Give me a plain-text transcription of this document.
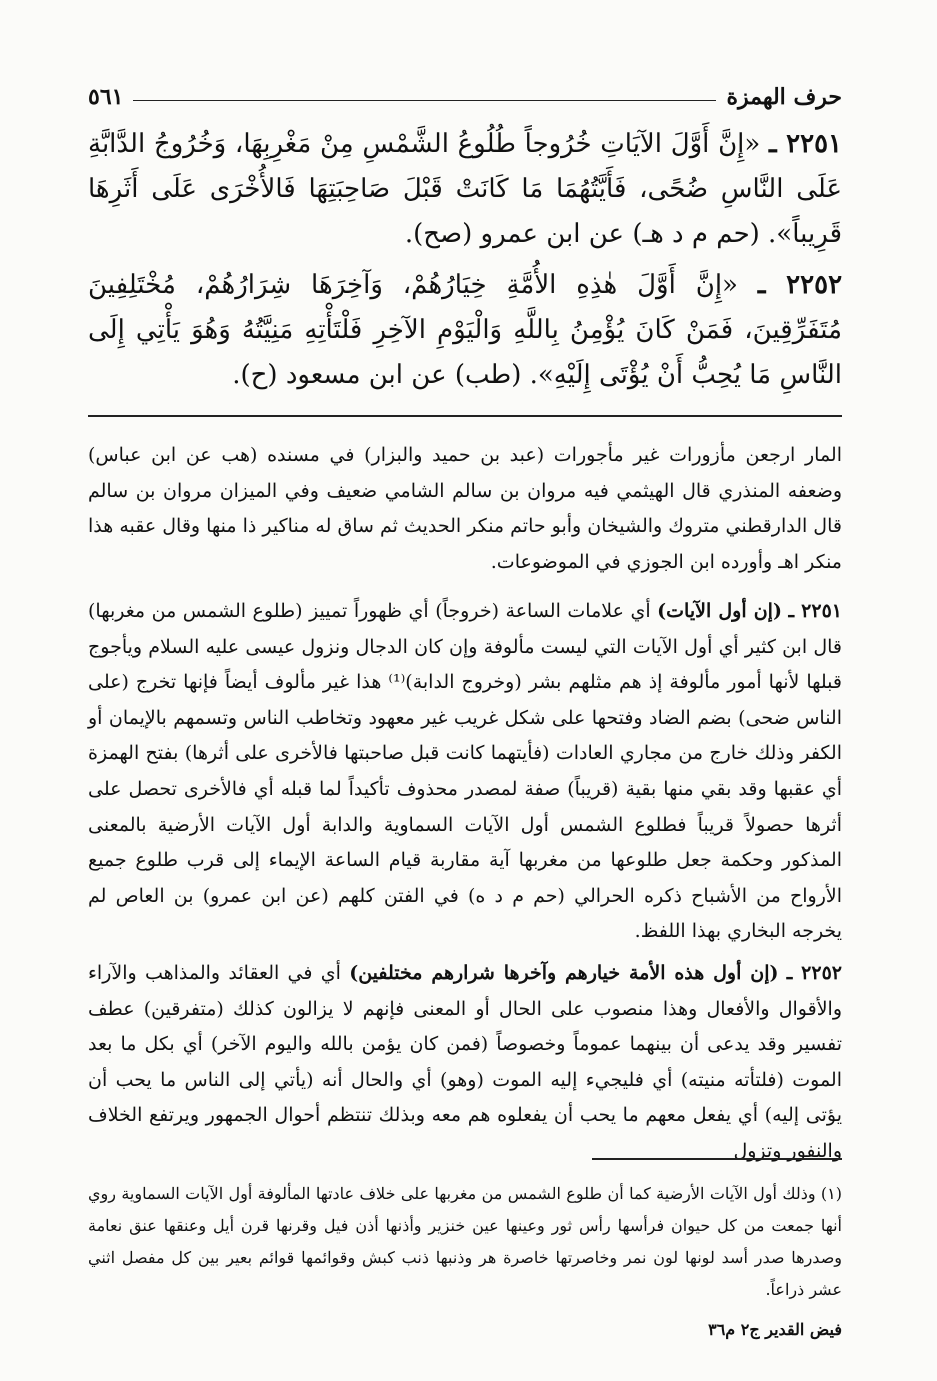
حرف الهمزة
٥٦١
٢٢٥١ ـ «إِنَّ أَوَّلَ الآيَاتِ خُرُوجاً طُلُوعُ الشَّمْسِ مِنْ مَغْرِبِهَا، وَخُرُوجُ الدَّابَّةِ عَلَى النَّاسِ ضُحًى، فَأَيَّتُهُمَا مَا كَانَتْ قَبْلَ صَاحِبَتِهَا فَالأُخْرَى عَلَى أَثَرِهَا قَرِيباً». (حم م د هـ) عن ابن عمرو (صح).
٢٢٥٢ ـ «إِنَّ أَوَّلَ هٰذِهِ الأُمَّةِ خِيَارُهُمْ، وَآخِرَهَا شِرَارُهُمْ، مُخْتَلِفِينَ مُتَفَرِّقِينَ، فَمَنْ كَانَ يُؤْمِنُ بِاللَّهِ وَالْيَوْمِ الآخِرِ فَلْتَأْتِهِ مَنِيَّتُهُ وَهُوَ يَأْتِي إِلَى النَّاسِ مَا يُحِبُّ أَنْ يُؤْتَى إِلَيْهِ». (طب) عن ابن مسعود (ح).

المار ارجعن مأزورات غير مأجورات (عبد بن حميد والبزار) في مسنده (هب عن ابن عباس) وضعفه المنذري قال الهيثمي فيه مروان بن سالم الشامي ضعيف وفي الميزان مروان بن سالم قال الدارقطني متروك والشيخان وأبو حاتم منكر الحديث ثم ساق له مناكير ذا منها وقال عقبه هذا منكر اهـ وأورده ابن الجوزي في الموضوعات.

٢٢٥١ ـ (إن أول الآيات) أي علامات الساعة (خروجاً) أي ظهوراً تمييز (طلوع الشمس من مغربها) قال ابن كثير أي أول الآيات التي ليست مألوفة وإن كان الدجال ونزول عيسى عليه السلام ويأجوج قبلها لأنها أمور مألوفة إذ هم مثلهم بشر (وخروج الدابة)⁽¹⁾ هذا غير مألوف أيضاً فإنها تخرج (على الناس ضحى) بضم الضاد وفتحها على شكل غريب غير معهود وتخاطب الناس وتسمهم بالإيمان أو الكفر وذلك خارج من مجاري العادات (فأيتهما كانت قبل صاحبتها فالأخرى على أثرها) بفتح الهمزة أي عقبها وقد بقي منها بقية (قريباً) صفة لمصدر محذوف تأكيداً لما قبله أي فالأخرى تحصل على أثرها حصولاً قريباً فطلوع الشمس أول الآيات السماوية والدابة أول الآيات الأرضية بالمعنى المذكور وحكمة جعل طلوعها من مغربها آية مقاربة قيام الساعة الإيماء إلى قرب طلوع جميع الأرواح من الأشباح ذكره الحرالي (حم م د ه) في الفتن كلهم (عن ابن عمرو) بن العاص لم يخرجه البخاري بهذا اللفظ.

٢٢٥٢ ـ (إن أول هذه الأمة خيارهم وآخرها شرارهم مختلفين) أي في العقائد والمذاهب والآراء والأقوال والأفعال وهذا منصوب على الحال أو المعنى فإنهم لا يزالون كذلك (متفرقين) عطف تفسير وقد يدعى أن بينهما عموماً وخصوصاً (فمن كان يؤمن بالله واليوم الآخر) أي بكل ما بعد الموت (فلتأته منيته) أي فليجيء إليه الموت (وهو) أي والحال أنه (يأتي إلى الناس ما يحب أن يؤتى إليه) أي يفعل معهم ما يحب أن يفعلوه هم معه وبذلك تنتظم أحوال الجمهور ويرتفع الخلاف والنفور وتزول

(١) وذلك أول الآيات الأرضية كما أن طلوع الشمس من مغربها على خلاف عادتها المألوفة أول الآيات السماوية روي أنها جمعت من كل حيوان فرأسها رأس ثور وعينها عين خنزير وأذنها أذن فيل وقرنها قرن أيل وعنقها عنق نعامة وصدرها صدر أسد لونها لون نمر وخاصرتها خاصرة هر وذنبها ذنب كبش وقوائمها قوائم بعير بين كل مفصل اثني عشر ذراعاً.
فيض القدير ج٢ م٣٦
